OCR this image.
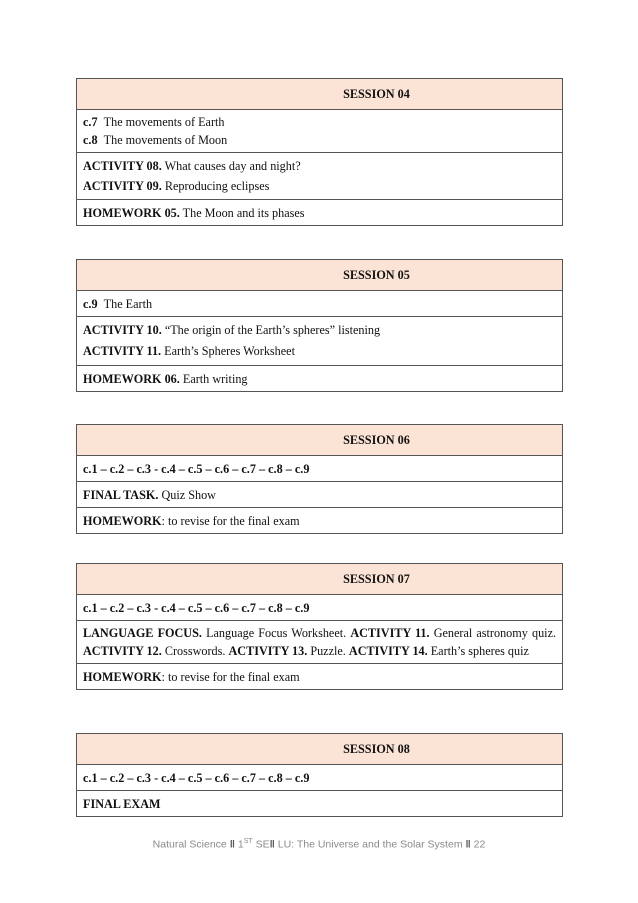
SESSION 04
c.7 The movements of Earth
c.8 The movements of Moon
ACTIVITY 08. What causes day and night?
ACTIVITY 09. Reproducing eclipses
HOMEWORK 05. The Moon and its phases
SESSION 05
c.9 The Earth
ACTIVITY 10. “The origin of the Earth’s spheres” listening
ACTIVITY 11. Earth’s Spheres Worksheet
HOMEWORK 06. Earth writing
SESSION 06
c.1 – c.2 – c.3 - c.4 – c.5 – c.6 – c.7 – c.8 – c.9
FINAL TASK. Quiz Show
HOMEWORK: to revise for the final exam
SESSION 07
c.1 – c.2 – c.3 - c.4 – c.5 – c.6 – c.7 – c.8 – c.9
LANGUAGE FOCUS. Language Focus Worksheet. ACTIVITY 11. General astronomy quiz. ACTIVITY 12. Crosswords. ACTIVITY 13. Puzzle. ACTIVITY 14. Earth’s spheres quiz
HOMEWORK: to revise for the final exam
SESSION 08
c.1 – c.2 – c.3 - c.4 – c.5 – c.6 – c.7 – c.8 – c.9
FINAL EXAM
Natural Science ‖ 1ST SE‖ LU: The Universe and the Solar System ‖ 22
